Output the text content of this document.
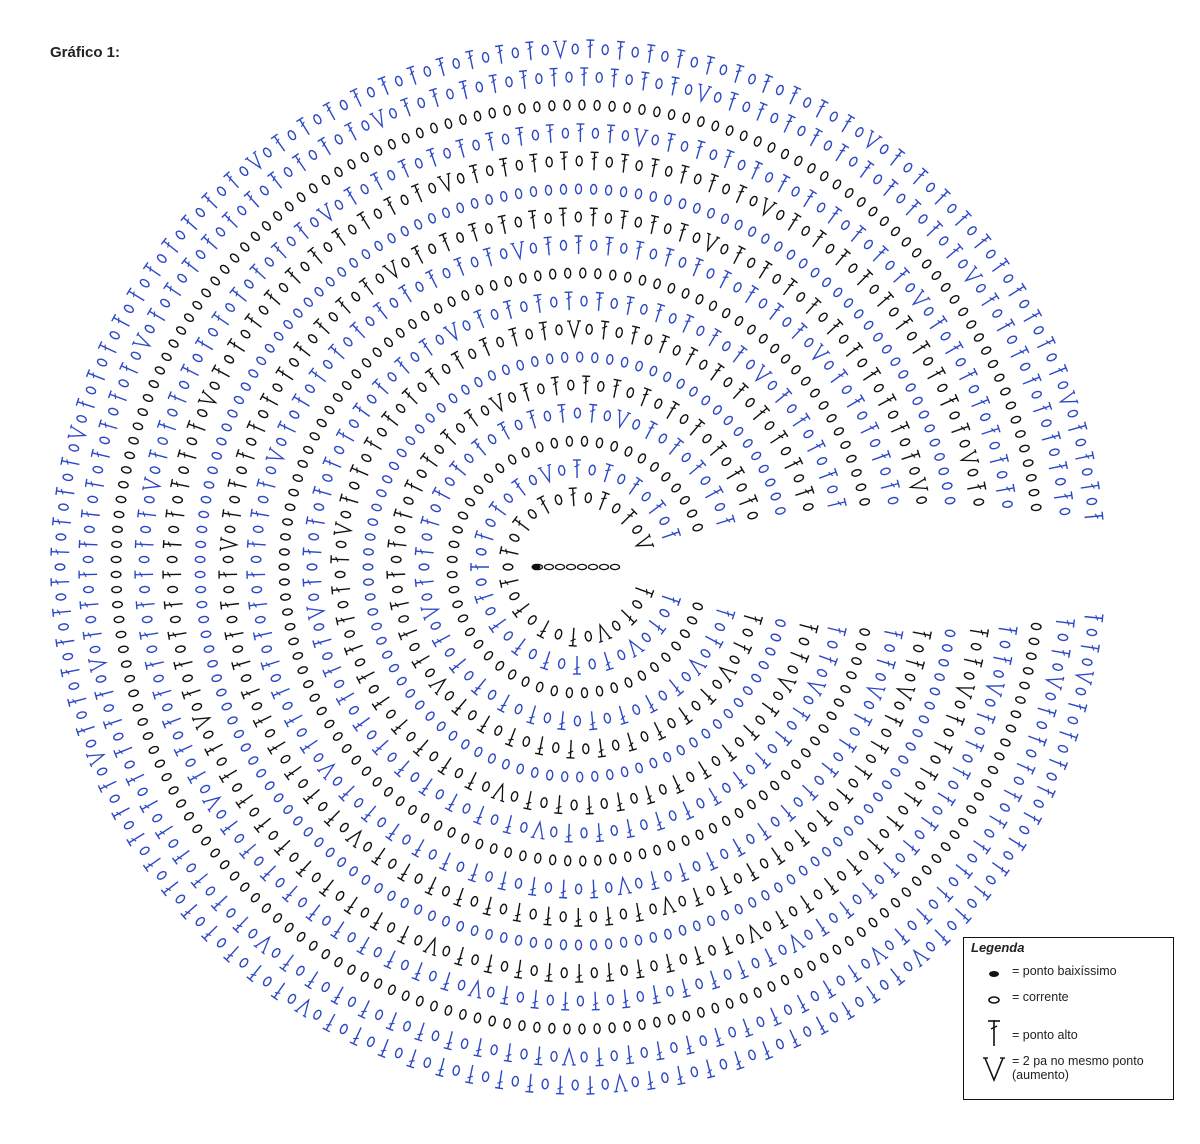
Gráfico 1:
Legenda
= ponto baixíssimo
= corrente
= ponto alto
= 2 pa no mesmo ponto
(aumento)
